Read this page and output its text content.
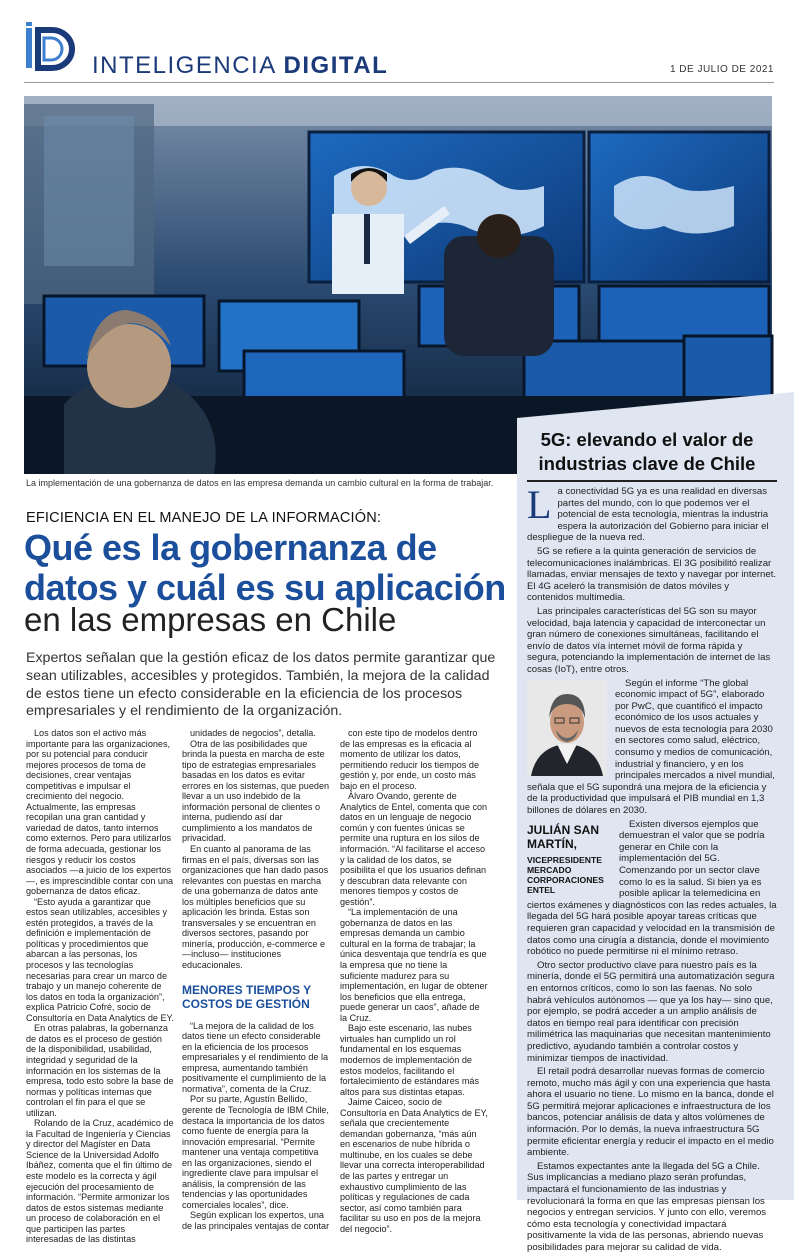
INTELIGENCIA DIGITAL	1 DE JULIO DE 2021
La implementación de una gobernanza de datos en las empresa demanda un cambio cultural en la forma de trabajar.
5G: elevando el valor de industrias clave de Chile

La conectividad 5G ya es una realidad en diversas partes del mundo, con lo que podemos ver el potencial de esta tecnología, mientras la industria espera la autorización del Gobierno para iniciar el despliegue de la nueva red.

5G se refiere a la quinta generación de servicios de telecomunicaciones inalámbricas. El 3G posibilitó realizar llamadas, enviar mensajes de texto y navegar por internet. El 4G aceleró la transmisión de datos móviles y contenidos multimedia.

Las principales características del 5G son su mayor velocidad, baja latencia y capacidad de interconectar un gran número de conexiones simultáneas, facilitando el envío de datos vía internet móvil de forma rápida y segura, potenciando la implementación de internet de las cosas (IoT), entre otros.

Según el informe “The global economic impact of 5G”, elaborado por PwC, que cuantificó el impacto económico de los usos actuales y nuevos de esta tecnología para 2030 en sectores como salud, eléctrico, consumo y medios de comunicación, industrial y financiero, y en los principales mercados a nivel mundial, señala que el 5G supondrá una mejora de la eficiencia y de la productividad que impulsará el PIB mundial en 1,3 billones de dólares en 2030.

JULIÁN SAN MARTÍN,
VICEPRESIDENTE MERCADO CORPORACIONES ENTEL

Existen diversos ejemplos que demuestran el valor que se podría generar en Chile con la implementación del 5G. Comenzando por un sector clave como lo es la salud. Si bien ya es posible aplicar la telemedicina en ciertos exámenes y diagnósticos con las redes actuales, la llegada del 5G hará posible apoyar tareas críticas que requieren gran capacidad y velocidad en la transmisión de datos como una cirugía a distancia, donde el movimiento robótico no puede permitirse ni el mínimo retraso.

Otro sector productivo clave para nuestro país es la minería, donde el 5G permitirá una automatización segura en entornos críticos, como lo son las faenas. No solo habrá vehículos autónomos — que ya los hay— sino que, por ejemplo, se podrá acceder a un amplio análisis de datos en tiempo real para identificar con precisión milimétrica las maquinarias que necesitan mantenimiento predictivo, ayudando también a controlar costos y minimizar tiempos de inactividad.

El retail podrá desarrollar nuevas formas de comercio remoto, mucho más ágil y con una experiencia que hasta ahora el usuario no tiene. Lo mismo en la banca, donde el 5G permitirá mejorar aplicaciones e infraestructura de los bancos, potenciar análisis de data y altos volúmenes de información. Por lo demás, la nueva infraestructura 5G permite eficientar energía y reducir el impacto en el medio ambiente.

Estamos expectantes ante la llegada del 5G a Chile. Sus implicancias a mediano plazo serán profundas, impactará el funcionamiento de las industrias y revolucionará la forma en que las empresas piensan los negocios y entregan servicios. Y junto con ello, veremos cómo esta tecnología y conectividad impactará positivamente la vida de las personas, abriendo nuevas posibilidades para mejorar su calidad de vida.

EFICIENCIA EN EL MANEJO DE LA INFORMACIÓN:
Qué es la gobernanza de datos y cuál es su aplicación
en las empresas en Chile
Expertos señalan que la gestión eficaz de los datos permite garantizar que sean utilizables, accesibles y protegidos. También, la mejora de la calidad de estos tiene un efecto considerable en la eficiencia de los procesos empresariales y el rendimiento de la organización.

Los datos son el activo más importante para las organizaciones, por su potencial para conducir mejores procesos de toma de decisiones, crear ventajas competitivas e impulsar el crecimiento del negocio. Actualmente, las empresas recopilan una gran cantidad y variedad de datos, tanto internos como externos. Pero para utilizarlos de forma adecuada, gestionar los riesgos y reducir los costos asociados —a juicio de los expertos—, es imprescindible contar con una gobernanza de datos eficaz.

“Esto ayuda a garantizar que estos sean utilizables, accesibles y estén protegidos, a través de la definición e implementación de políticas y procedimientos que abarcan a las personas, los procesos y las tecnologías necesarias para crear un marco de trabajo y un manejo coherente de los datos en toda la organización”, explica Patricio Cofré, socio de Consultoría en Data Analytics de EY.

En otras palabras, la gobernanza de datos es el proceso de gestión de la disponibilidad, usabilidad, integridad y seguridad de la información en los sistemas de la empresa, todo esto sobre la base de normas y políticas internas que controlan el fin para el que se utilizan.

Rolando de la Cruz, académico de la Facultad de Ingeniería y Ciencias y director del Magíster en Data Science de la Universidad Adolfo Ibáñez, comenta que el fin último de este modelo es la correcta y ágil ejecución del procesamiento de información. “Permite armonizar los datos de estos sistemas mediante un proceso de colaboración en el que participen las partes interesadas de las distintas

unidades de negocios”, detalla.

Otra de las posibilidades que brinda la puesta en marcha de este tipo de estrategias empresariales basadas en los datos es evitar errores en los sistemas, que pueden llevar a un uso indebido de la información personal de clientes o interna, pudiendo así dar cumplimiento a los mandatos de privacidad.

En cuanto al panorama de las firmas en el país, diversas son las organizaciones que han dado pasos relevantes con puestas en marcha de una gobernanza de datos ante los múltiples beneficios que su aplicación les brinda. Estas son transversales y se encuentran en diversos sectores, pasando por minería, producción, e-commerce e —incluso— instituciones educacionales.

MENORES TIEMPOS Y COSTOS DE GESTIÓN

“La mejora de la calidad de los datos tiene un efecto considerable en la eficiencia de los procesos empresariales y el rendimiento de la empresa, aumentando también positivamente el cumplimiento de la normativa”, comenta de la Cruz.

Por su parte, Agustín Bellido, gerente de Tecnología de IBM Chile, destaca la importancia de los datos como fuente de energía para la innovación empresarial. “Permite mantener una ventaja competitiva en las organizaciones, siendo el ingrediente clave para impulsar el análisis, la comprensión de las tendencias y las oportunidades comerciales locales”, dice.

Según explican los expertos, una de las principales ventajas de contar

con este tipo de modelos dentro de las empresas es la eficacia al momento de utilizar los datos, permitiendo reducir los tiempos de gestión y, por ende, un costo más bajo en el proceso.

Álvaro Ovando, gerente de Analytics de Entel, comenta que con datos en un lenguaje de negocio común y con fuentes únicas se permite una ruptura en los silos de información. “Al facilitarse el acceso y la calidad de los datos, se posibilita el que los usuarios definan y descubran data relevante con menores tiempos y costos de gestión”.

“La implementación de una gobernanza de datos en las empresas demanda un cambio cultural en la forma de trabajar; la única desventaja que tendría es que la empresa que no tiene la suficiente madurez para su implementación, en lugar de obtener los beneficios que ella entrega, puede generar un caos”, añade de la Cruz.

Bajo este escenario, las nubes virtuales han cumplido un rol fundamental en los esquemas modernos de implementación de estos modelos, facilitando el fortalecimiento de estándares más altos para sus distintas etapas.

Jaime Caiceo, socio de Consultoría en Data Analytics de EY, señala que crecientemente demandan gobernanza, “más aún en escenarios de nube híbrida o multinube, en los cuales se debe llevar una correcta interoperabilidad de las partes y entregar un exhaustivo cumplimiento de las políticas y regulaciones de cada sector, así como también para facilitar su uso en pos de la mejora del negocio”.
